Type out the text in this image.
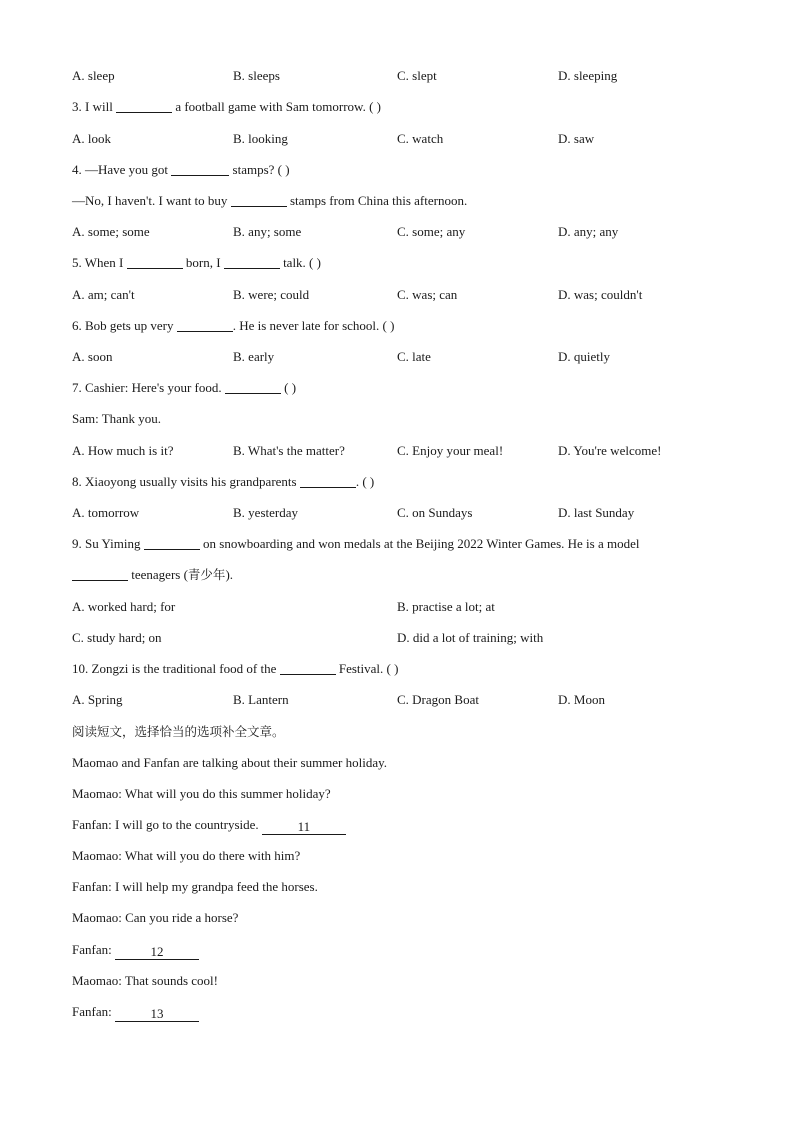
A. sleep	B. sleeps	C. slept	D. sleeping
3. I will	a football game with Sam tomorrow. ( )
A. look	B. looking	C. watch	D. saw
4. —Have you got	stamps? ( )
—No, I haven't. I want to buy	stamps from China this afternoon.
A. some; some	B. any; some	C. some; any	D. any; any
5. When I	born, I	talk. ( )
A. am; can't	B. were; could	C. was; can	D. was; couldn't
6. Bob gets up very	. He is never late for school. ( )
A. soon	B. early	C. late	D. quietly
7. Cashier: Here's your food.	( )
Sam: Thank you.
A. How much is it?	B. What's the matter?	C. Enjoy your meal!	D. You're welcome!
8. Xiaoyong usually visits his grandparents	. ( )
A. tomorrow	B. yesterday	C. on Sundays	D. last Sunday
9. Su Yiming	on snowboarding and won medals at the Beijing 2022 Winter Games. He is a model
teenagers (青少年).
A. worked hard; for	B. practise a lot; at
C. study hard; on	D. did a lot of training; with
10. Zongzi is the traditional food of the	Festival. ( )
A. Spring	B. Lantern	C. Dragon Boat	D. Moon
阅读短文，选择恰当的选项补全文章。
Maomao and Fanfan are talking about their summer holiday.
Maomao: What will you do this summer holiday?
Fanfan: I will go to the countryside.	11
Maomao: What will you do there with him?
Fanfan: I will help my grandpa feed the horses.
Maomao: Can you ride a horse?
Fanfan:	12
Maomao: That sounds cool!
Fanfan:	13
